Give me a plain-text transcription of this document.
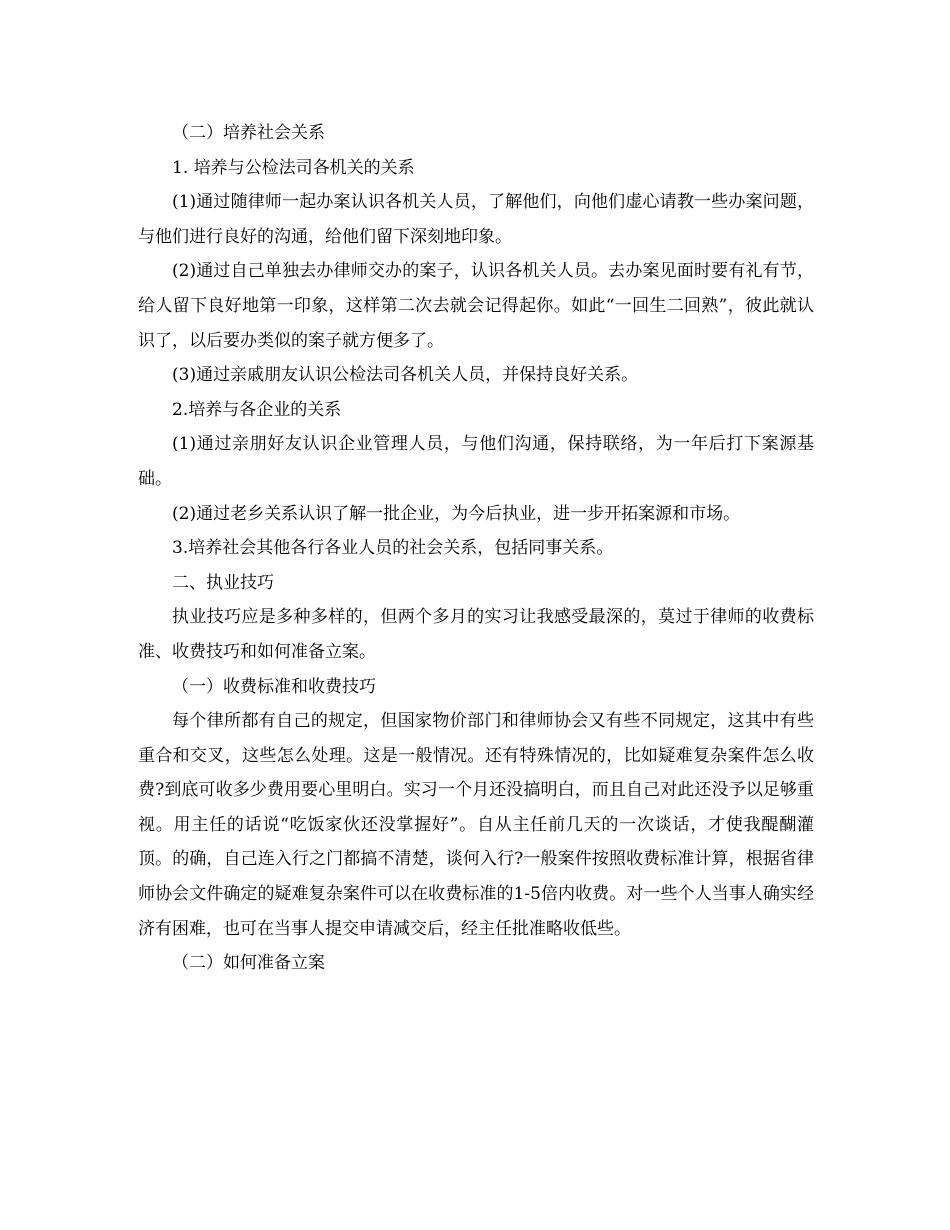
（二）培养社会关系

1. 培养与公检法司各机关的关系

(1)通过随律师一起办案认识各机关人员，了解他们，向他们虚心请教一些办案问题，与他们进行良好的沟通，给他们留下深刻地印象。

(2)通过自己单独去办律师交办的案子，认识各机关人员。去办案见面时要有礼有节，给人留下良好地第一印象，这样第二次去就会记得起你。如此“一回生二回熟”，彼此就认识了，以后要办类似的案子就方便多了。

(3)通过亲戚朋友认识公检法司各机关人员，并保持良好关系。

2.培养与各企业的关系

(1)通过亲朋好友认识企业管理人员，与他们沟通，保持联络，为一年后打下案源基础。

(2)通过老乡关系认识了解一批企业，为今后执业，进一步开拓案源和市场。

3.培养社会其他各行各业人员的社会关系，包括同事关系。

二、执业技巧

执业技巧应是多种多样的，但两个多月的实习让我感受最深的，莫过于律师的收费标准、收费技巧和如何准备立案。

（一）收费标准和收费技巧

每个律所都有自己的规定，但国家物价部门和律师协会又有些不同规定，这其中有些重合和交叉，这些怎么处理。这是一般情况。还有特殊情况的，比如疑难复杂案件怎么收费?到底可收多少费用要心里明白。实习一个月还没搞明白，而且自己对此还没予以足够重视。用主任的话说“吃饭家伙还没掌握好”。自从主任前几天的一次谈话，才使我醍醐灌顶。的确，自己连入行之门都搞不清楚，谈何入行?一般案件按照收费标准计算，根据省律师协会文件确定的疑难复杂案件可以在收费标准的1-5倍内收费。对一些个人当事人确实经济有困难，也可在当事人提交申请减交后，经主任批准略收低些。

（二）如何准备立案
